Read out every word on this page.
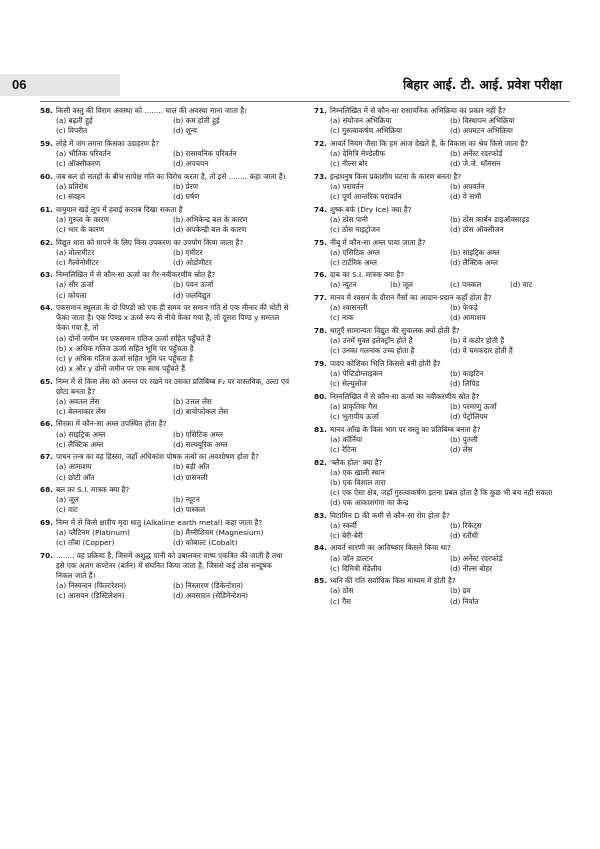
06	बिहार आई. टी. आई. प्रवेश परीक्षा
58. किसी वस्तु की विराम अवस्था को ........ चाल की अवस्था माना जाता है।
(a) बढ़ती हुई	(b) कम होती हुई
(c) विपरीत	(d) शून्य
59. लोहे में जंग लगना किसका उदाहरण है?
(a) भौतिक परिवर्तन	(b) रासायनिक परिवर्तन
(c) ऑक्सीकरण	(d) अपचयन
60. जब बल दो सतहों के बीच सापेक्ष गति का विरोध करता है, तो इसे ........ कहा जाता है।
(a) प्रतिरोध	(b) प्रेरण
(c) संवहन	(d) घर्षण
61. वायुयान खड़े लूप में हवाई करतब दिखा सकता है
(a) गुरुत्व के कारण	(b) अभिकेन्द्र बल के कारण
(c) भार के कारण	(d) अपकेन्द्री बल के कारण
62. विद्युत धारा को मापने के लिए किस उपकरण का उपयोग किया जाता है?
(a) वोल्टमीटर	(b) एमीटर
(c) गैल्वेनोमीटर	(d) ओडोमीटर
63. निम्नलिखित में से कौन-सा ऊर्जा का गैर-नवीकरणीय स्रोत है?
(a) सौर ऊर्जा	(b) पवन ऊर्जा
(c) कोयला	(d) जलविद्युत
64. एकसमान स्थूलता के दो पिण्डों को एक ही समय पर समान गति से एक मीनार की चोटी से फेंका जाता है। एक पिण्ड x ऊर्ध्व रूप से नीचे फेंका गया है, तो दूसरा पिण्ड y समतल फेंका गया है, तो
(a) दोनों जमीन पर एकसमान गतिज ऊर्जा सहित पहुँचते हैं
(b) x अधिक गतिज ऊर्जा सहित भूमि पर पहुँचता है
(c) y अधिक गतिज ऊर्जा सहित भूमि पर पहुँचता है
(d) x और y दोनों जमीन पर एक साथ पहुँचते हैं
65. निम्न में से किस लेंस को अनन्त पर रखने पर उसका प्रतिबिम्ब F₂ पर वास्तविक, उल्टा एवं छोटा बनता है?
(a) अवतल लेंस	(b) उत्तल लेंस
(c) बेलनाकार लेंस	(d) बायोफोकल लेंस
66. सिरका में कौन-सा अम्ल उपस्थित होता है?
(a) साइट्रिक अम्ल	(b) एसिटिक अम्ल
(c) लैक्टिक अम्ल	(d) सल्फ्यूरिक अम्ल
67. पाचन तन्त्र का वह हिस्सा, जहाँ अधिकांश पोषक तत्वों का अवशोषण होता है?
(a) आमाशय	(b) बड़ी आँत
(c) छोटी आँत	(d) ग्रासनली
68. बल का S.I. मात्रक क्या है?
(a) जूल	(b) न्यूटन
(c) वाट	(d) पास्कल
69. निम्न में से किसे क्षारीय मृदा धातु (Alkaline earth metal) कहा जाता है?
(a) प्लैटिनम (Platinum)	(b) मैग्नीशियम (Magnesium)
(c) ताँबा (Copper)	(d) कोबाल्ट (Cobalt)
70. ........ वह प्रक्रिया है, जिसमें अशुद्ध पानी को उबालकर वाष्प एकत्रित की जाती है तथा इसे एक अलग कण्टेनर (बर्तन) में संघनित किया जाता है, जिससे कई ठोस सन्दूषक निकल जाते हैं।
(a) निस्यन्दन (फिल्टरेशन)	(b) निस्तारण (डिकेन्टेशन)
(c) आसवन (डिस्टिलेशन)	(d) अवसादन (सेडिमेन्टेशन)
71. निम्नलिखित में से कौन-सा रासायनिक अभिक्रिया का प्रकार नहीं है?
(a) संयोजन अभिक्रिया	(b) विस्थापन अभिक्रिया
(c) गुरुत्वाकर्षण अभिक्रिया	(d) अपघटन अभिक्रिया
72. आवर्त नियम जैसा कि हम आज देखते हैं, के विकास का श्रेय किसे जाता है?
(a) देमित्रि मेण्डेलीफ	(b) अर्नेस्ट रदरफोर्ड
(c) नील्स बोर	(d) जे.जे. थॉमसन
73. इन्द्रधनुष किस प्रकाशीय घटना के कारण बनता है?
(a) परावर्तन	(b) अपवर्तन
(c) पूर्ण आन्तरिक परावर्तन	(d) ये सभी
74. शुष्क बर्फ (Dry Ice) क्या है?
(a) ठोस पानी	(b) ठोस कार्बन डाइऑक्साइड
(c) ठोस नाइट्रोजन	(d) ठोस ऑक्सीजन
75. नींबू में कौन-सा अम्ल पाया जाता है?
(a) एसिटिक अम्ल	(b) साइट्रिक अम्ल
(c) टार्टरिक अम्ल	(d) लैक्टिक अम्ल
76. दाब का S.I. मात्रक क्या है?
(a) न्यूटन	(b) जूल	(c) पास्कल	(d) वाट
77. मानव में श्वसन के दौरान गैसों का आदान-प्रदान कहाँ होता है?
(a) श्वासनली	(b) फेफड़े
(c) नाक	(d) आमाशय
78. धातुएँ सामान्यतः विद्युत की सुचालक क्यों होती हैं?
(a) उनमें मुक्त इलेक्ट्रॉन होते हैं	(b) वे कठोर होती हैं
(c) उनका गलनांक उच्च होता है	(d) वे चमकदार होती हैं
79. पादप कोशिका भित्ति किससे बनी होती है?
(a) पेप्टिडोग्लाइकन	(b) काइटिन
(c) सेल्युलोज	(d) लिपिड
80. निम्नलिखित में से कौन-सा ऊर्जा का नवीकरणीय स्रोत है?
(a) प्राकृतिक गैस	(b) परमाणु ऊर्जा
(c) भूतापीय ऊर्जा	(d) पेट्रोलियम
81. मानव आँख के किस भाग पर वस्तु का प्रतिबिम्ब बनता है?
(a) कॉर्निया	(b) पुतली
(c) रेटिना	(d) लेंस
82. 'ब्लैक होल' क्या है?
(a) एक खाली स्थान
(b) एक विशाल तारा
(c) एक ऐसा क्षेत्र, जहाँ गुरुत्वाकर्षण इतना प्रबल होता है कि कुछ भी बच नहीं सकता
(d) एक आकाशगंगा का केन्द्र
83. विटामिन D की कमी से कौन-सा रोग होता है?
(a) स्कर्वी	(b) रिकेट्स
(c) बेरी-बेरी	(d) रतौंधी
84. आवर्त सारणी का आविष्कार किसने किया था?
(a) जॉन डाल्टन	(b) अर्नेस्ट रदरफोर्ड
(c) दिमित्री मेंडेलीव	(d) नील्स बोहर
85. ध्वनि की गति सर्वाधिक किस माध्यम में होती है?
(a) ठोस	(b) द्रव
(c) गैस	(d) निर्वात
